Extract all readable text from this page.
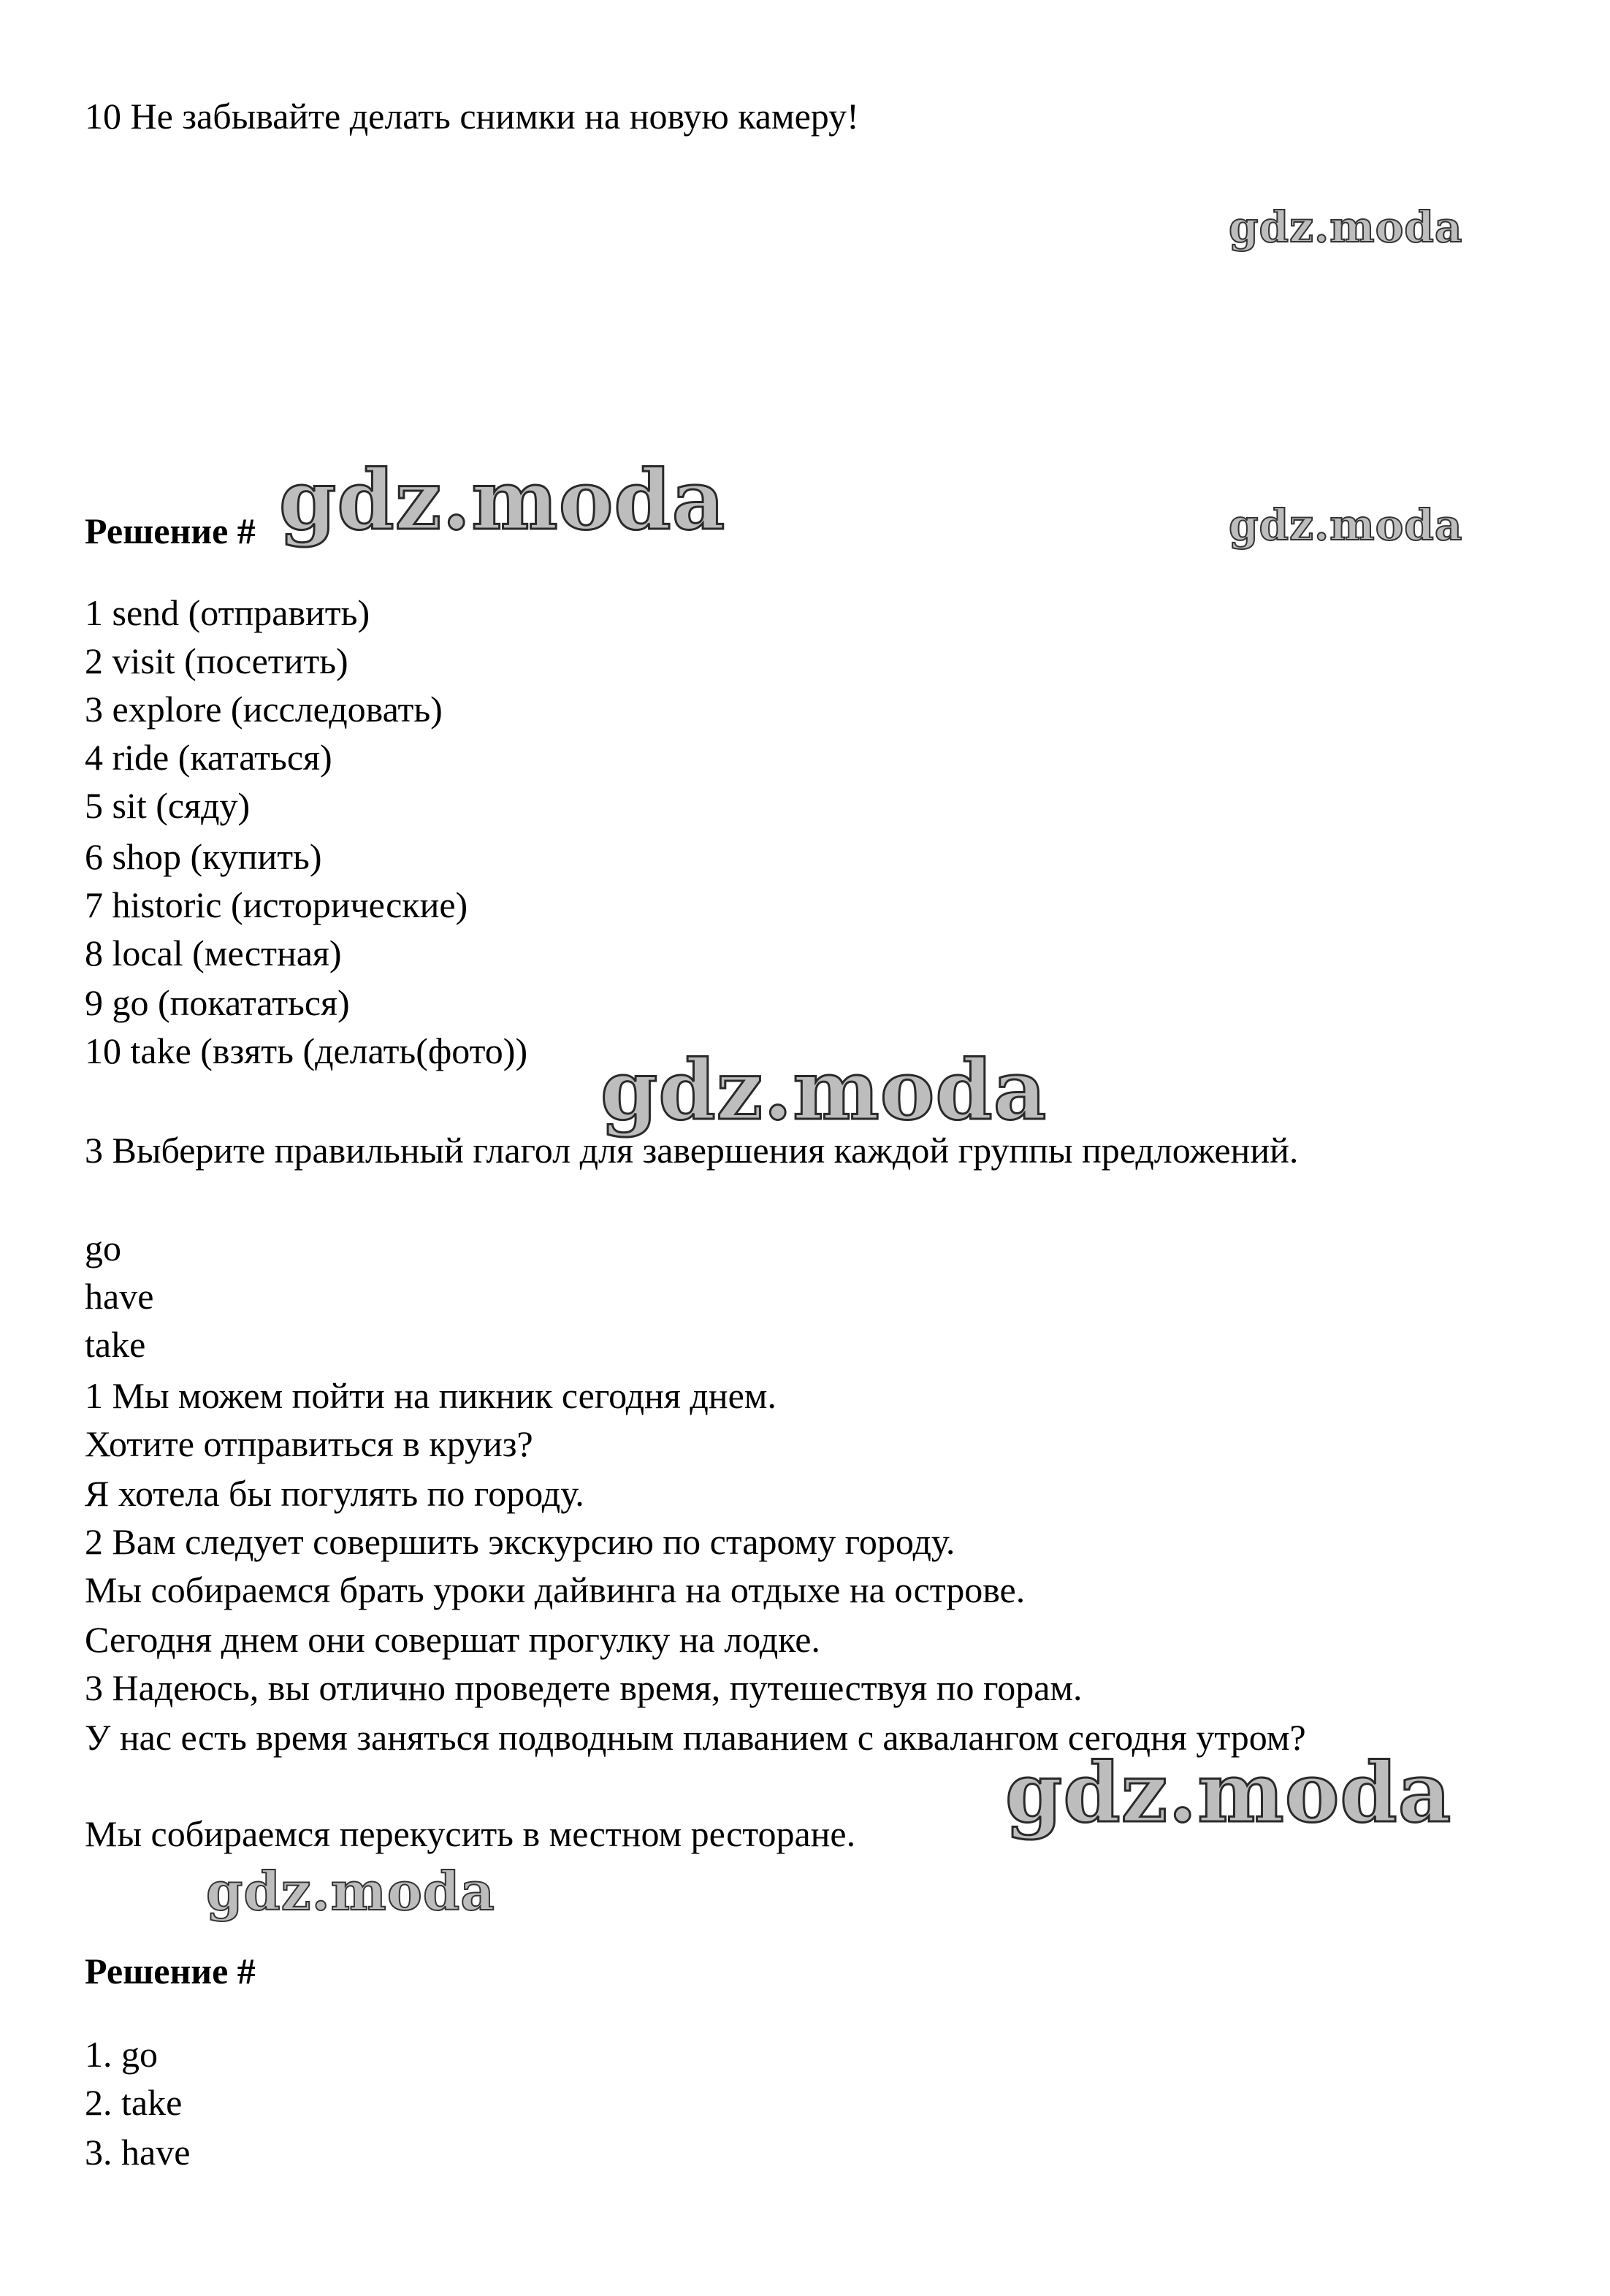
10 Не забывайте делать снимки на новую камеру!
gdz.moda
gdz.moda
gdz.moda
Решение #
1 send (отправить)
2 visit (посетить)
3 explore (исследовать)
4 ride (кататься)
5 sit (сяду)
6 shop (купить)
7 historic (исторические)
8 local (местная)
9 go (покататься)
10 take (взять (делать(фото)) gdz.moda
3 Выберите правильный глагол для завершения каждой группы предложений.
go
have
take
1 Мы можем пойти на пикник сегодня днем.
Хотите отправиться в круиз?
Я хотела бы погулять по городу.
2 Вам следует совершить экскурсию по старому городу.
Мы собираемся брать уроки дайвинга на отдыхе на острове.
Сегодня днем они совершат прогулку на лодке.
3 Надеюсь, вы отлично проведете время, путешествуя по горам.
У нас есть время заняться подводным плаванием с аквалангом сегодня утром?
Мы собираемся перекусить в местном ресторане. gdz.moda
gdz.moda
Решение #
1. go
2. take
3. have
